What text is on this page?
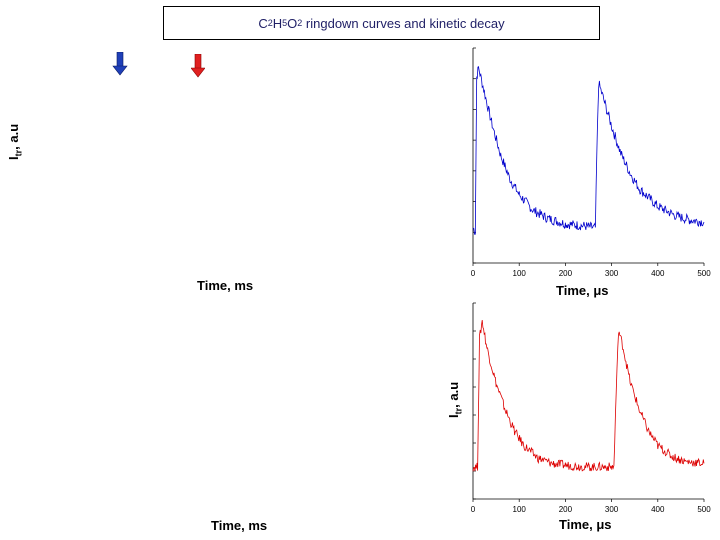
C 2 H 5 O 2 ringdown curves and kinetic decay
$I_{tr}$, a.u
Time, ms
Time, ms
0	100	200	300	400	500
Time, μs
0	100	200	300	400	500
$I_{tr}$, a.u
Time, μs
